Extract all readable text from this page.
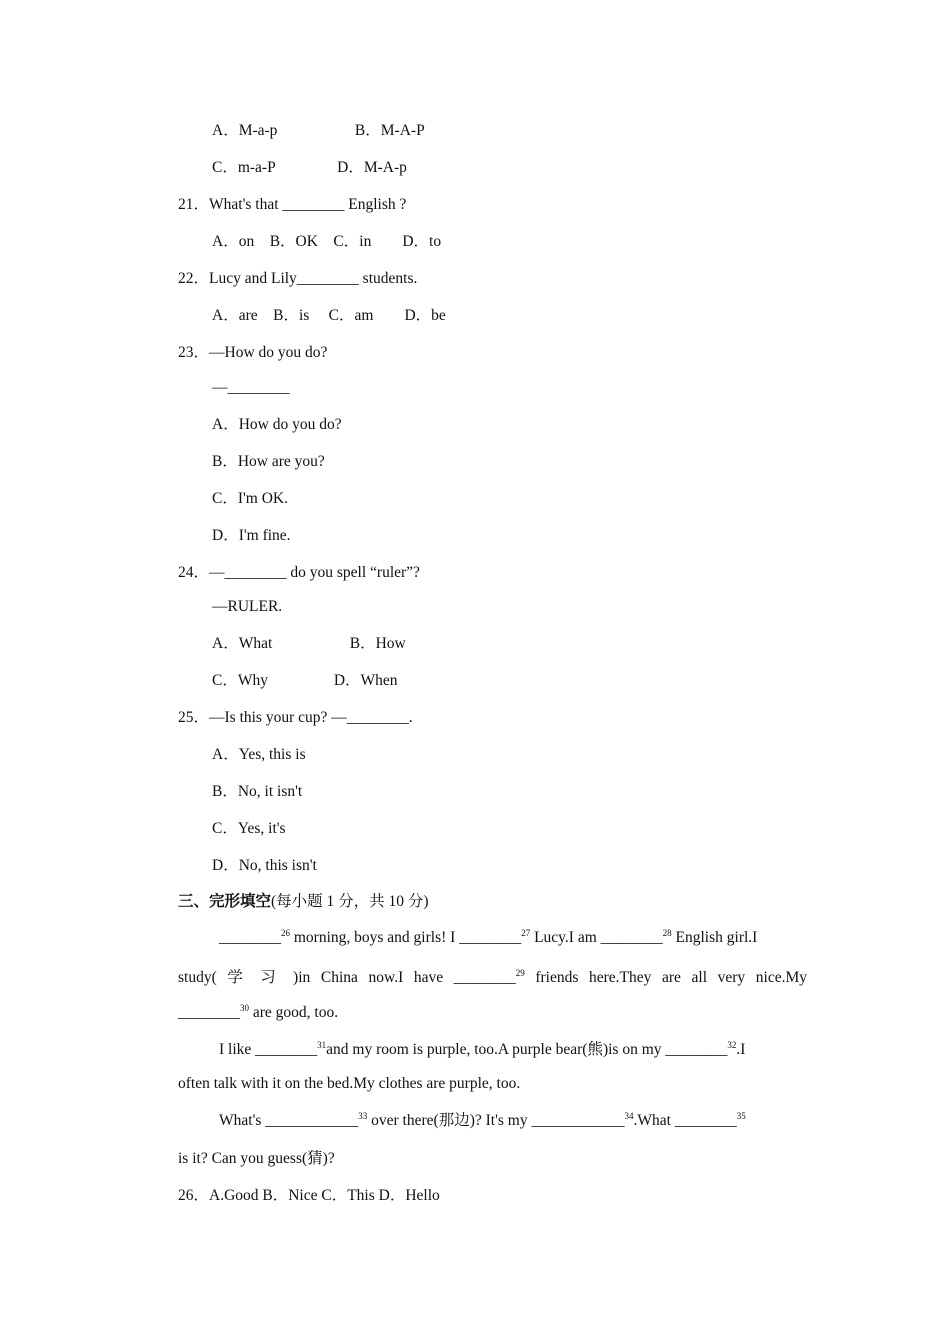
A．M-a-p　　　　　B．M-A-P
C．m-a-P　　　　D．M-A-p
21．What's that ________ English ?
A．on　B．OK　C．in　　D．to
22．Lucy and Lily________ students.
A．are　B．is　 C．am　　D．be
23．—How do you do?
—________
A．How do you do?
B．How are you?
C．I'm OK.
D．I'm fine.
24．—________ do you spell “ruler”?
—RULER.
A．What　　　　　B．How
C．Why　　　　 D．When
25．—Is this your cup? —________.
A．Yes, this is
B．No, it isn't
C．Yes, it's
D．No, this isn't
三、完形填空(每小题 1 分，共 10 分)
________$^{26}$ morning, boys and girls! I ________$^{27}$ Lucy.I am ________$^{28}$ English girl.I
study( 学 习 )in China now.I have ________$^{29}$ friends here.They are all very nice.My
________$^{30}$ are good, too.
I like ________$^{31}$and my room is purple, too.A purple bear(熊)is on my ________$^{32}$.I
often talk with it on the bed.My clothes are purple, too.
What's ____________$^{33}$ over there(那边)? It's my ____________$^{34}$.What ________$^{35}$
is it? Can you guess(猜)?
26．A.Good B．Nice C．This D．Hello
